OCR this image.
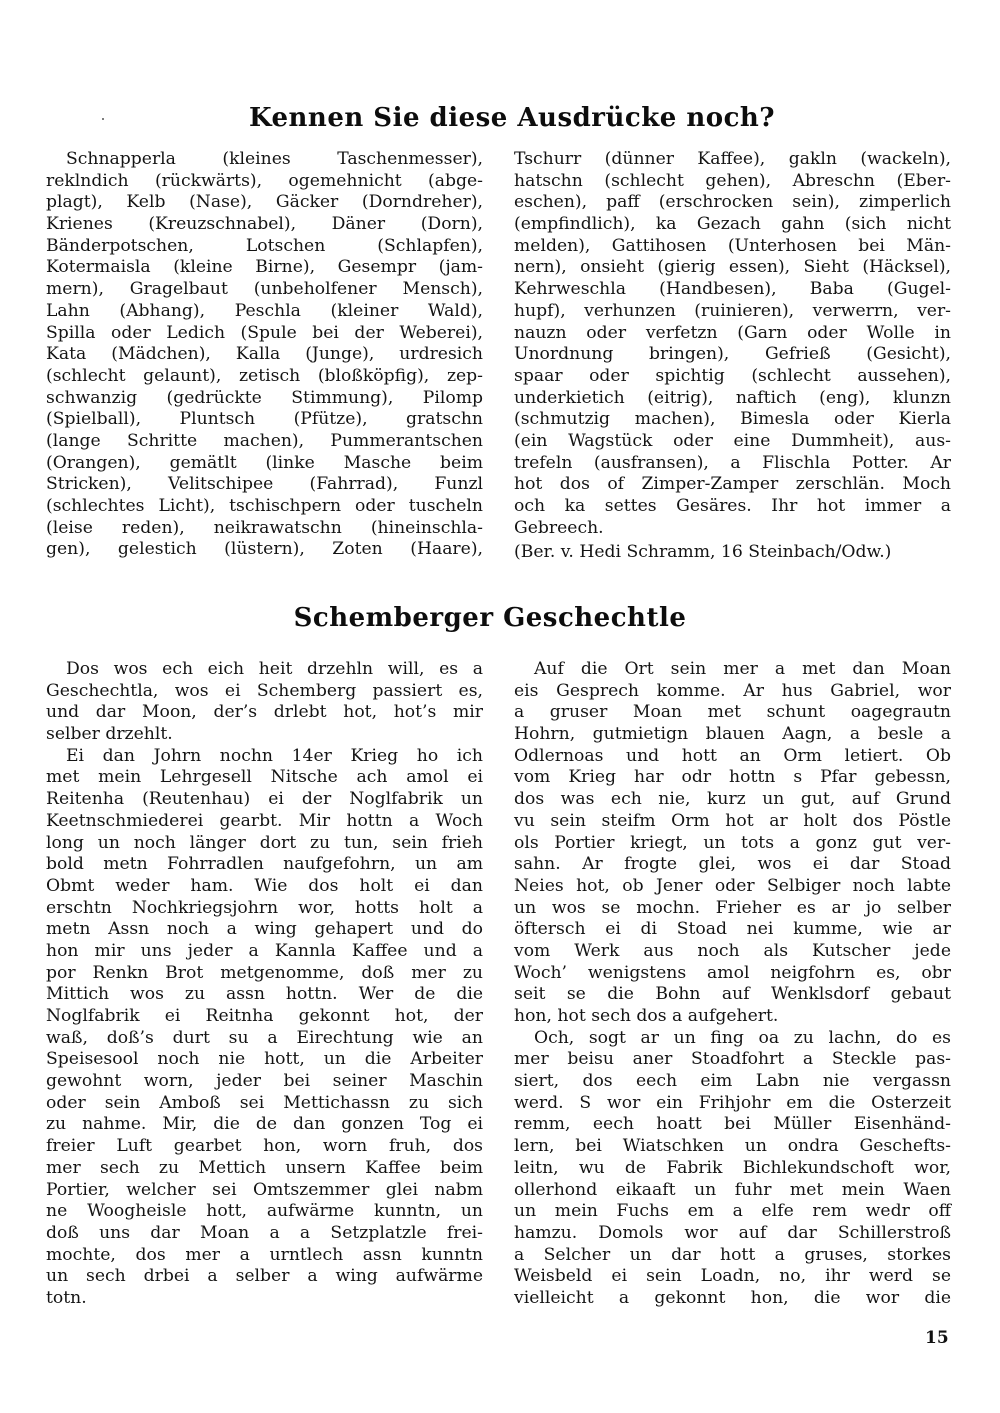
Kennen Sie diese Ausdrücke noch?
Schnapperla (kleines Taschenmesser),
reklndich (rückwärts), ogemehnicht (abge-
plagt), Kelb (Nase), Gäcker (Dorndreher),
Krienes (Kreuzschnabel), Däner (Dorn),
Bänderpotschen, Lotschen (Schlapfen),
Kotermaisla (kleine Birne), Gesempr (jam-
mern), Gragelbaut (unbeholfener Mensch),
Lahn (Abhang), Peschla (kleiner Wald),
Spilla oder Ledich (Spule bei der Weberei),
Kata (Mädchen), Kalla (Junge), urdresich
(schlecht gelaunt), zetisch (bloßköpfig), zep-
schwanzig (gedrückte Stimmung), Pilomp
(Spielball), Pluntsch (Pfütze), gratschn
(lange Schritte machen), Pummerantschen
(Orangen), gemätlt (linke Masche beim
Stricken), Velitschipee (Fahrrad), Funzl
(schlechtes Licht), tschischpern oder tuscheln
(leise reden), neikrawatschn (hineinschla-
gen), gelestich (lüstern), Zoten (Haare),
Tschurr (dünner Kaffee), gakln (wackeln),
hatschn (schlecht gehen), Abreschn (Eber-
eschen), paff (erschrocken sein), zimperlich
(empfindlich), ka Gezach gahn (sich nicht
melden), Gattihosen (Unterhosen bei Män-
nern), onsieht (gierig essen), Sieht (Häcksel),
Kehrweschla (Handbesen), Baba (Gugel-
hupf), verhunzen (ruinieren), verwerrn, ver-
nauzn oder verfetzn (Garn oder Wolle in
Unordnung bringen), Gefrieß (Gesicht),
spaar oder spichtig (schlecht aussehen),
underkietich (eitrig), naftich (eng), klunzn
(schmutzig machen), Bimesla oder Kierla
(ein Wagstück oder eine Dummheit), aus-
trefeln (ausfransen), a Flischla Potter. Ar
hot dos of Zimper-Zamper zerschlän. Moch
och ka settes Gesäres. Ihr hot immer a
Gebreech.
(Ber. v. Hedi Schramm, 16 Steinbach/Odw.)
Schemberger Geschechtle
Dos wos ech eich heit drzehln will, es a
Geschechtla, wos ei Schemberg passiert es,
und dar Moon, der’s drlebt hot, hot’s mir
selber drzehlt.
Ei dan Johrn nochn 14er Krieg ho ich
met mein Lehrgesell Nitsche ach amol ei
Reitenha (Reutenhau) ei der Noglfabrik un
Keetnschmiederei gearbt. Mir hottn a Woch
long un noch länger dort zu tun, sein frieh
bold metn Fohrradlen naufgefohrn, un am
Obmt weder ham. Wie dos holt ei dan
erschtn Nochkriegsjohrn wor, hotts holt a
metn Assn noch a wing gehapert und do
hon mir uns jeder a Kannla Kaffee und a
por Renkn Brot metgenomme, doß mer zu
Mittich wos zu assn hottn. Wer de die
Noglfabrik ei Reitnha gekonnt hot, der
waß, doß’s durt su a Eirechtung wie an
Speisesool noch nie hott, un die Arbeiter
gewohnt worn, jeder bei seiner Maschin
oder sein Amboß sei Mettichassn zu sich
zu nahme. Mir, die de dan gonzen Tog ei
freier Luft gearbet hon, worn fruh, dos
mer sech zu Mettich unsern Kaffee beim
Portier, welcher sei Omtszemmer glei nabm
ne Woogheisle hott, aufwärme kunntn, un
doß uns dar Moan a a Setzplatzle frei-
mochte, dos mer a urntlech assn kunntn
un sech drbei a selber a wing aufwärme
totn.
Auf die Ort sein mer a met dan Moan
eis Gesprech komme. Ar hus Gabriel, wor
a gruser Moan met schunt oagegrautn
Hohrn, gutmietign blauen Aagn, a besle a
Odlernoas und hott an Orm letiert. Ob
vom Krieg har odr hottn s Pfar gebessn,
dos was ech nie, kurz un gut, auf Grund
vu sein steifm Orm hot ar holt dos Pöstle
ols Portier kriegt, un tots a gonz gut ver-
sahn. Ar frogte glei, wos ei dar Stoad
Neies hot, ob Jener oder Selbiger noch labte
un wos se mochn. Frieher es ar jo selber
öftersch ei di Stoad nei kumme, wie ar
vom Werk aus noch als Kutscher jede
Woch’ wenigstens amol neigfohrn es, obr
seit se die Bohn auf Wenklsdorf gebaut
hon, hot sech dos a aufgehert.
Och, sogt ar un fing oa zu lachn, do es
mer beisu aner Stoadfohrt a Steckle pas-
siert, dos eech eim Labn nie vergassn
werd. S wor ein Frihjohr em die Osterzeit
remm, eech hoatt bei Müller Eisenhänd-
lern, bei Wiatschken un ondra Geschefts-
leitn, wu de Fabrik Bichlekundschoft wor,
ollerhond eikaaft un fuhr met mein Waen
un mein Fuchs em a elfe rem wedr off
hamzu. Domols wor auf dar Schillerstroß
a Selcher un dar hott a gruses, storkes
Weisbeld ei sein Loadn, no, ihr werd se
vielleicht a gekonnt hon, die wor die
15
